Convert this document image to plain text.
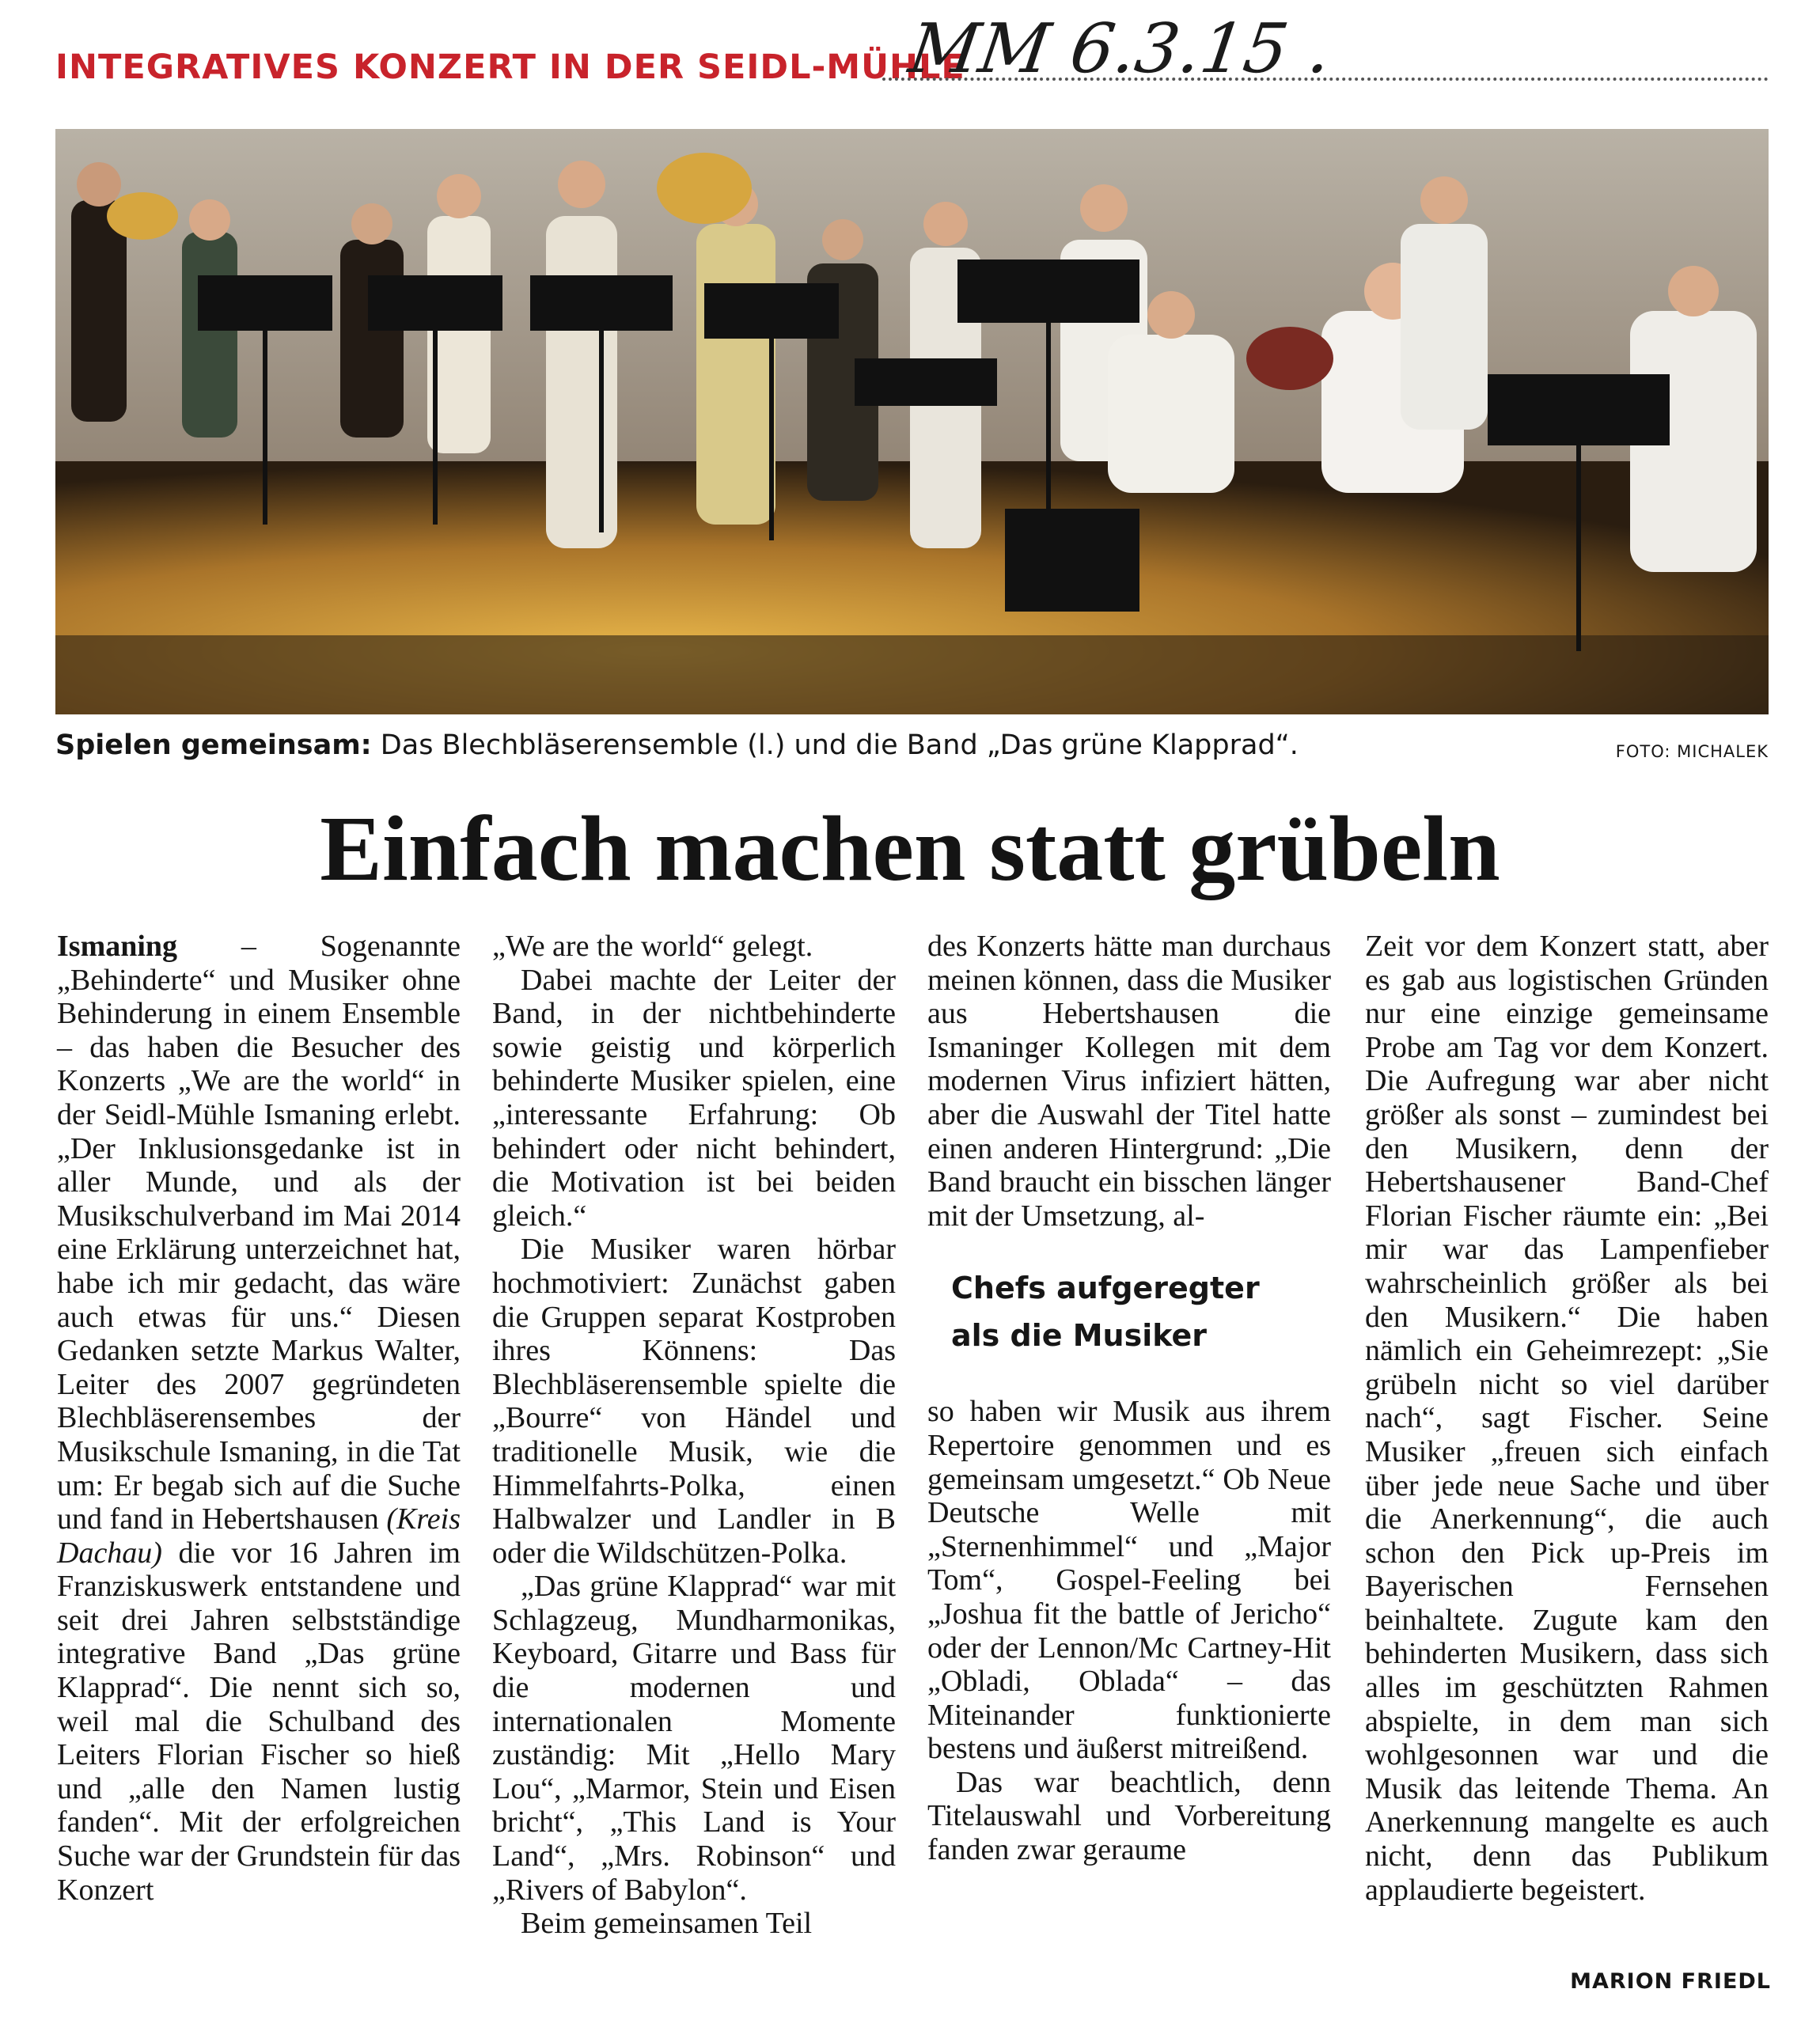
INTEGRATIVES KONZERT IN DER SEIDL-MÜHLE
MM 6.3.15 .
Spielen gemeinsam: Das Blechbläserensemble (l.) und die Band „Das grüne Klapprad“.	FOTO: MICHALEK
Einfach machen statt grübeln

Ismaning – Sogenannte „Behinderte“ und Musiker ohne Behinderung in einem Ensemble – das haben die Besucher des Konzerts „We are the world“ in der Seidl-Mühle Ismaning erlebt. „Der Inklusionsgedanke ist in aller Munde, und als der Musikschulverband im Mai 2014 eine Erklärung unterzeichnet hat, habe ich mir gedacht, das wäre auch etwas für uns.“ Diesen Gedanken setzte Markus Walter, Leiter des 2007 gegründeten Blechbläserensembes der Musikschule Ismaning, in die Tat um: Er begab sich auf die Suche und fand in Hebertshausen (Kreis Dachau) die vor 16 Jahren im Franziskuswerk entstandene und seit drei Jahren selbstständige integrative Band „Das grüne Klapprad“. Die nennt sich so, weil mal die Schulband des Leiters Florian Fischer so hieß und „alle den Namen lustig fanden“. Mit der erfolgreichen Suche war der Grundstein für das Konzert

„We are the world“ gelegt.

Dabei machte der Leiter der Band, in der nichtbehinderte sowie geistig und körperlich behinderte Musiker spielen, eine „interessante Erfahrung: Ob behindert oder nicht behindert, die Motivation ist bei beiden gleich.“

Die Musiker waren hörbar hochmotiviert: Zunächst gaben die Gruppen separat Kostproben ihres Könnens: Das Blechbläserensemble spielte die „Bourre“ von Händel und traditionelle Musik, wie die Himmelfahrts-Polka, einen Halbwalzer und Landler in B oder die Wildschützen-Polka.

„Das grüne Klapprad“ war mit Schlagzeug, Mundharmonikas, Keyboard, Gitarre und Bass für die modernen und internationalen Momente zuständig: Mit „Hello Mary Lou“, „Marmor, Stein und Eisen bricht“, „This Land is Your Land“, „Mrs. Robinson“ und „Rivers of Babylon“.

Beim gemeinsamen Teil

des Konzerts hätte man durchaus meinen können, dass die Musiker aus Hebertshausen die Ismaninger Kollegen mit dem modernen Virus infiziert hätten, aber die Auswahl der Titel hatte einen anderen Hintergrund: „Die Band braucht ein bisschen länger mit der Umsetzung, al-

Chefs aufgeregter
als die Musiker

so haben wir Musik aus ihrem Repertoire genommen und es gemeinsam umgesetzt.“ Ob Neue Deutsche Welle mit „Sternenhimmel“ und „Major Tom“, Gospel-Feeling bei „Joshua fit the battle of Jericho“ oder der Lennon/Mc Cartney-Hit „Obladi, Oblada“ – das Miteinander funktionierte bestens und äußerst mitreißend.

Das war beachtlich, denn Titelauswahl und Vorbereitung fanden zwar geraume

Zeit vor dem Konzert statt, aber es gab aus logistischen Gründen nur eine einzige gemeinsame Probe am Tag vor dem Konzert. Die Aufregung war aber nicht größer als sonst – zumindest bei den Musikern, denn der Hebertshausener Band-Chef Florian Fischer räumte ein: „Bei mir war das Lampenfieber wahrscheinlich größer als bei den Musikern.“ Die haben nämlich ein Geheimrezept: „Sie grübeln nicht so viel darüber nach“, sagt Fischer. Seine Musiker „freuen sich einfach über jede neue Sache und über die Anerkennung“, die auch schon den Pick up-Preis im Bayerischen Fernsehen beinhaltete. Zugute kam den behinderten Musikern, dass sich alles im geschützten Rahmen abspielte, in dem man sich wohlgesonnen war und die Musik das leitende Thema. An Anerkennung mangelte es auch nicht, denn das Publikum applaudierte begeistert.

MARION FRIEDL
